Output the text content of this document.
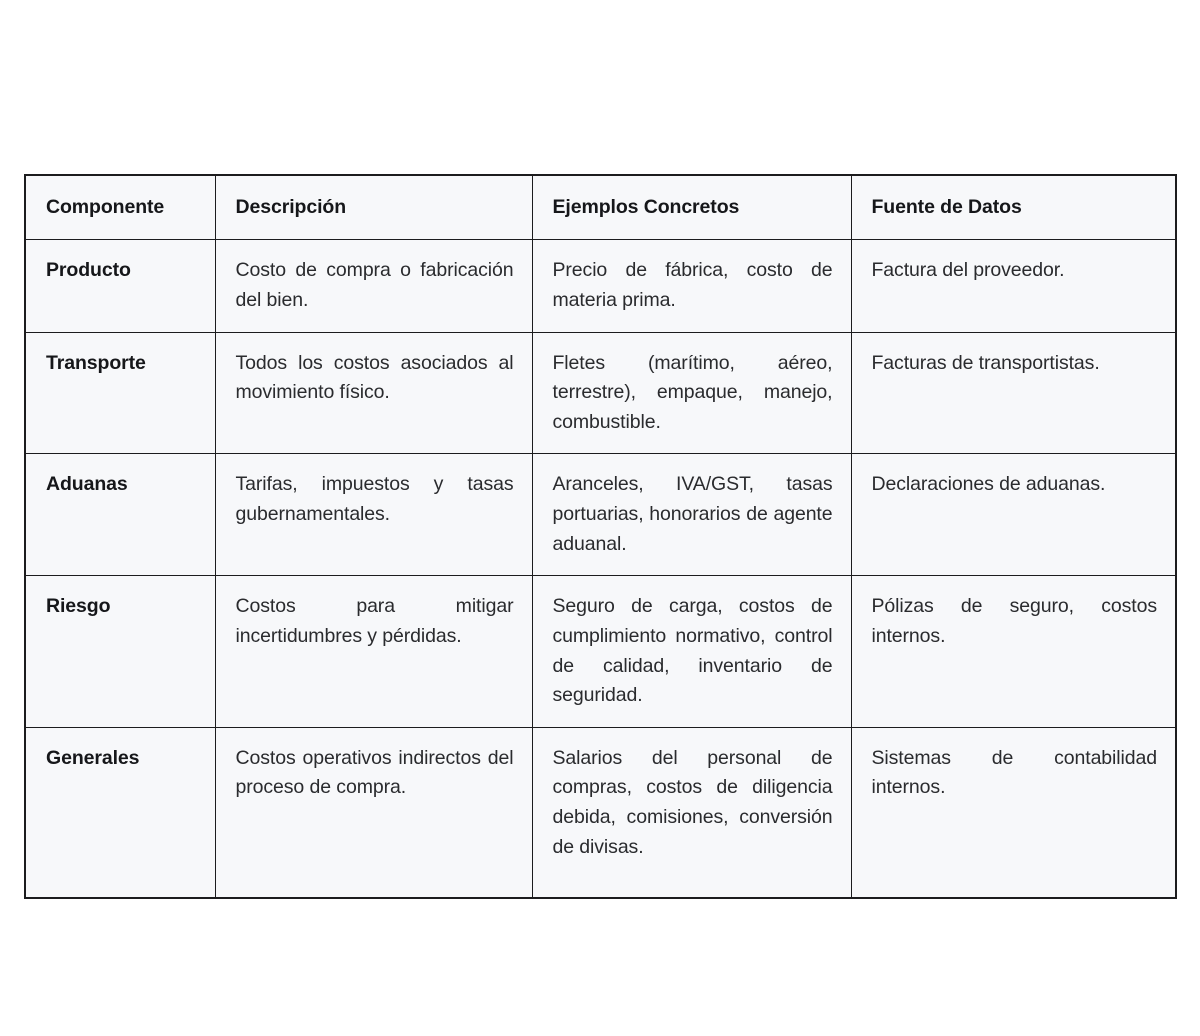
Componente	Descripción	Ejemplos Concretos	Fuente de Datos

Producto	Costo de compra o fabricación del bien.	Precio de fábrica, costo de materia prima.	Factura del proveedor.

Transporte	Todos los costos asociados al movimiento físico.	Fletes (marítimo, aéreo, terrestre), empaque, manejo, combustible.	Facturas de transportistas.

Aduanas	Tarifas, impuestos y tasas gubernamentales.	Aranceles, IVA/GST, tasas portuarias, honorarios de agente aduanal.	Declaraciones de aduanas.

Riesgo	Costos para mitigar incertidumbres y pérdidas.	Seguro de carga, costos de cumplimiento normativo, control de calidad, inventario de seguridad.	Pólizas de seguro, costos internos.

Generales	Costos operativos indirectos del proceso de compra.	Salarios del personal de compras, costos de diligencia debida, comisiones, conversión de divisas.	Sistemas de contabilidad internos.
